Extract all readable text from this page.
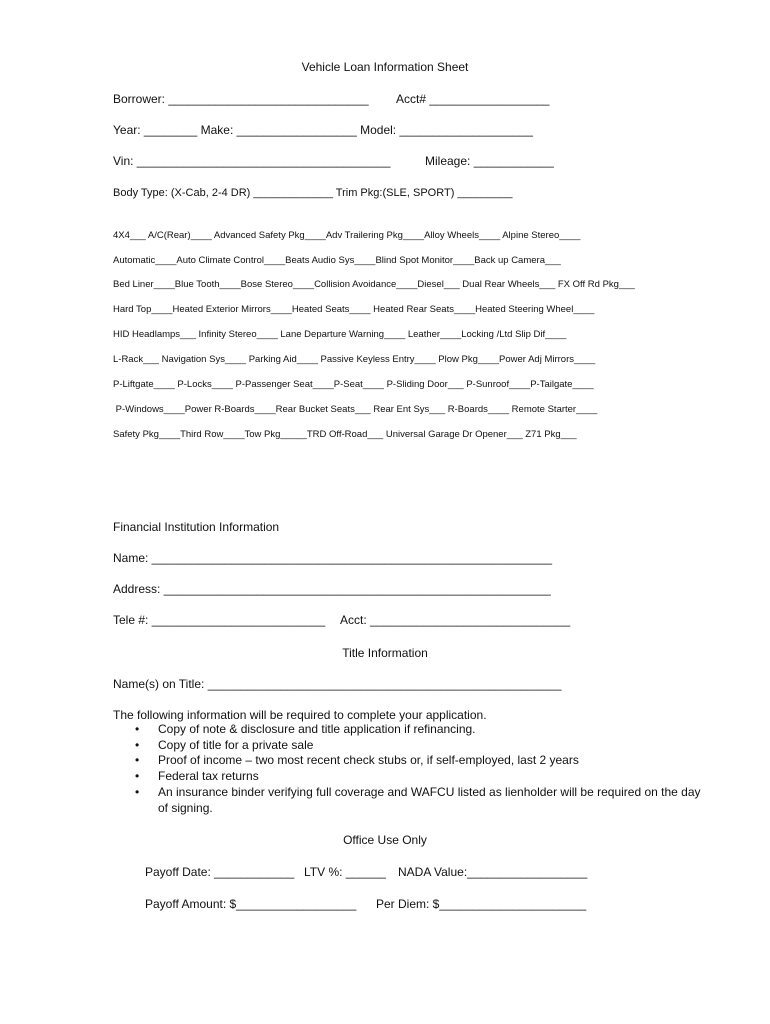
Vehicle Loan Information Sheet
Borrower: ______________________________ Acct# __________________
Year: ________ Make: __________________ Model: ____________________
Vin: ______________________________________	Mileage: ____________
Body Type: (X-Cab, 2-4 DR) _____________ Trim Pkg:(SLE, SPORT) _________
4X4___ A/C(Rear)____ Advanced Safety Pkg____Adv Trailering Pkg____Alloy Wheels____ Alpine Stereo____
Automatic____Auto Climate Control____Beats Audio Sys____Blind Spot Monitor____Back up Camera___
Bed Liner____Blue Tooth____Bose Stereo____Collision Avoidance____Diesel___ Dual Rear Wheels___ FX Off Rd Pkg___
Hard Top____Heated Exterior Mirrors____Heated Seats____ Heated Rear Seats____Heated Steering Wheel____
HID Headlamps___ Infinity Stereo____ Lane Departure Warning____ Leather____Locking /Ltd Slip Dif____
L-Rack___ Navigation Sys____ Parking Aid____ Passive Keyless Entry____ Plow Pkg____Power Adj Mirrors____
P-Liftgate____ P-Locks____ P-Passenger Seat____P-Seat____ P-Sliding Door___ P-Sunroof____P-Tailgate____
P-Windows____Power R-Boards____Rear Bucket Seats___ Rear Ent Sys___ R-Boards____ Remote Starter____
Safety Pkg____Third Row____Tow Pkg_____TRD Off-Road___ Universal Garage Dr Opener___ Z71 Pkg___
Financial Institution Information
Name: ____________________________________________________________
Address: __________________________________________________________
Tele #: __________________________ Acct: ______________________________
Title Information
Name(s) on Title: _____________________________________________________
The following information will be required to complete your application.
• Copy of note & disclosure and title application if refinancing.
• Copy of title for a private sale
• Proof of income – two most recent check stubs or, if self-employed, last 2 years
• Federal tax returns
• An insurance binder verifying full coverage and WAFCU listed as lienholder will be required on the day of signing.
Office Use Only
Payoff Date: ____________ LTV %: ______ NADA Value:__________________
Payoff Amount: $__________________ Per Diem: $______________________
